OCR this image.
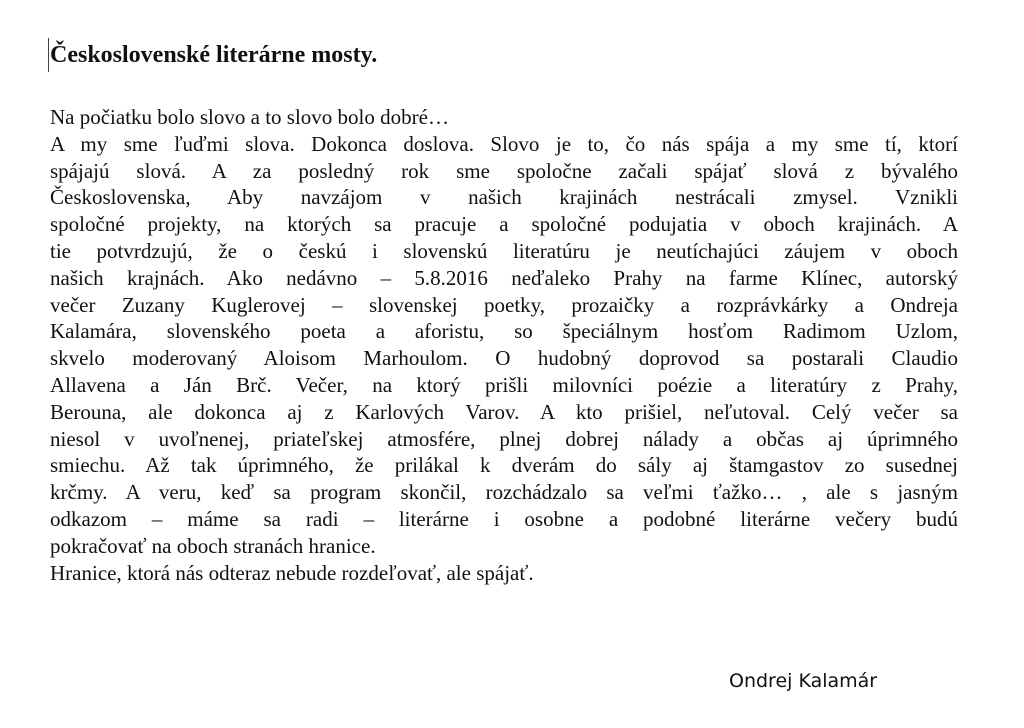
Československé literárne mosty.
Na počiatku bolo slovo a to slovo bolo dobré…
A my sme ľuďmi slova. Dokonca doslova. Slovo je to, čo nás spája a my sme tí, ktorí
spájajú slová. A za posledný rok sme spoločne začali spájať slová z bývalého
Československa, Aby navzájom v našich krajinách nestrácali zmysel. Vznikli
spoločné projekty, na ktorých sa pracuje a spoločné podujatia v oboch krajinách. A
tie potvrdzujú, že o českú i slovenskú literatúru je neutíchajúci záujem v oboch
našich krajnách. Ako nedávno – 5.8.2016 neďaleko Prahy na farme Klínec, autorský
večer Zuzany Kuglerovej – slovenskej poetky, prozaičky a rozprávkárky a Ondreja
Kalamára, slovenského poeta a aforistu, so špeciálnym hosťom Radimom Uzlom,
skvelo moderovaný Aloisom Marhoulom. O hudobný doprovod sa postarali Claudio
Allavena a Ján Brč. Večer, na ktorý prišli milovníci poézie a literatúry z Prahy,
Berouna, ale dokonca aj z Karlových Varov. A kto prišiel, neľutoval. Celý večer sa
niesol v uvoľnenej, priateľskej atmosfére, plnej dobrej nálady a občas aj úprimného
smiechu. Až tak úprimného, že prilákal k dverám do sály aj štamgastov zo susednej
krčmy. A veru, keď sa program skončil, rozchádzalo sa veľmi ťažko… , ale s jasným
odkazom – máme sa radi – literárne i osobne a podobné literárne večery budú
pokračovať na oboch stranách hranice.
Hranice, ktorá nás odteraz nebude rozdeľovať, ale spájať.
Ondrej Kalamár
